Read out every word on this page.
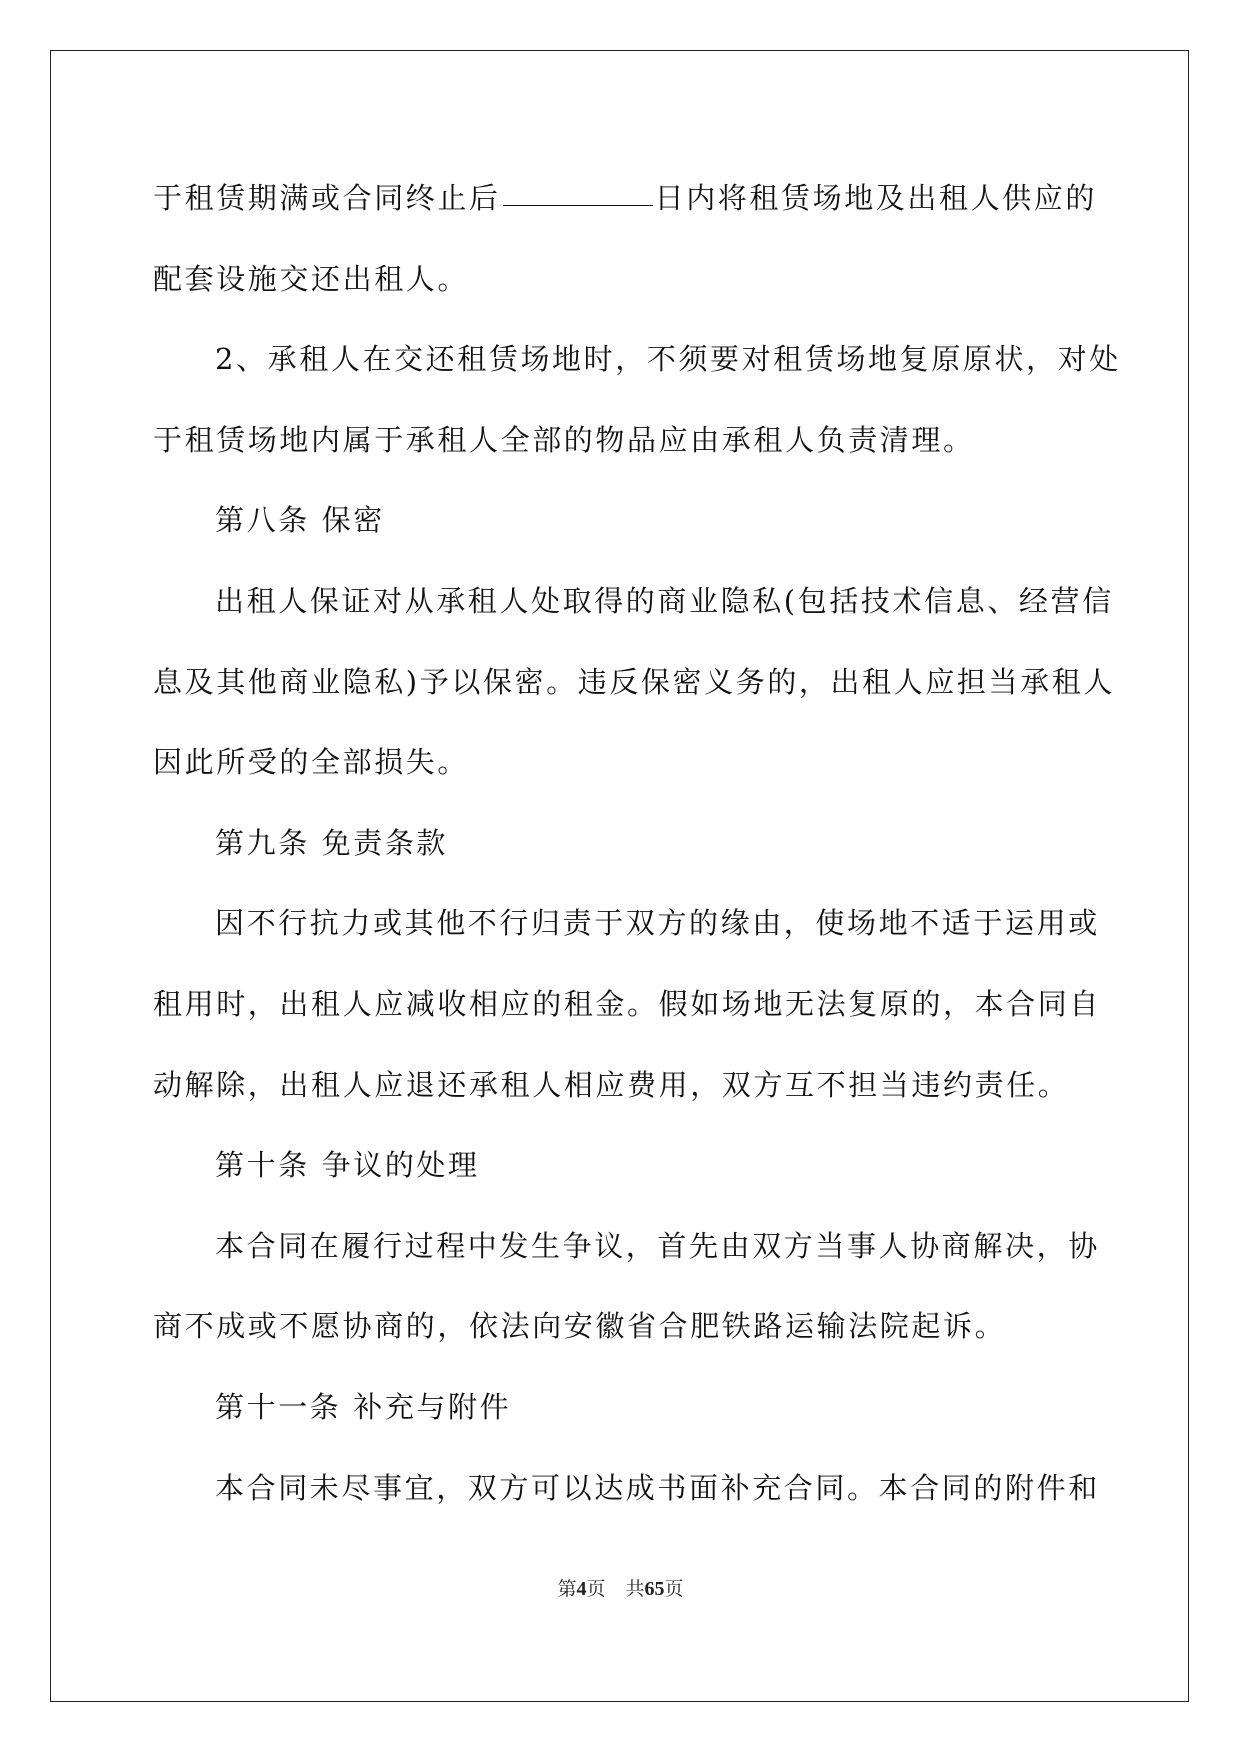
于租赁期满或合同终止后	日内将租赁场地及出租人供应的
配套设施交还出租人。
2、承租人在交还租赁场地时，不须要对租赁场地复原原状，对处
于租赁场地内属于承租人全部的物品应由承租人负责清理。
第八条 保密
出租人保证对从承租人处取得的商业隐私(包括技术信息、经营信
息及其他商业隐私)予以保密。违反保密义务的，出租人应担当承租人
因此所受的全部损失。
第九条 免责条款
因不行抗力或其他不行归责于双方的缘由，使场地不适于运用或
租用时，出租人应减收相应的租金。假如场地无法复原的，本合同自
动解除，出租人应退还承租人相应费用，双方互不担当违约责任。
第十条 争议的处理
本合同在履行过程中发生争议，首先由双方当事人协商解决，协
商不成或不愿协商的，依法向安徽省合肥铁路运输法院起诉。
第十一条 补充与附件
本合同未尽事宜，双方可以达成书面补充合同。本合同的附件和
第4页 共65页
